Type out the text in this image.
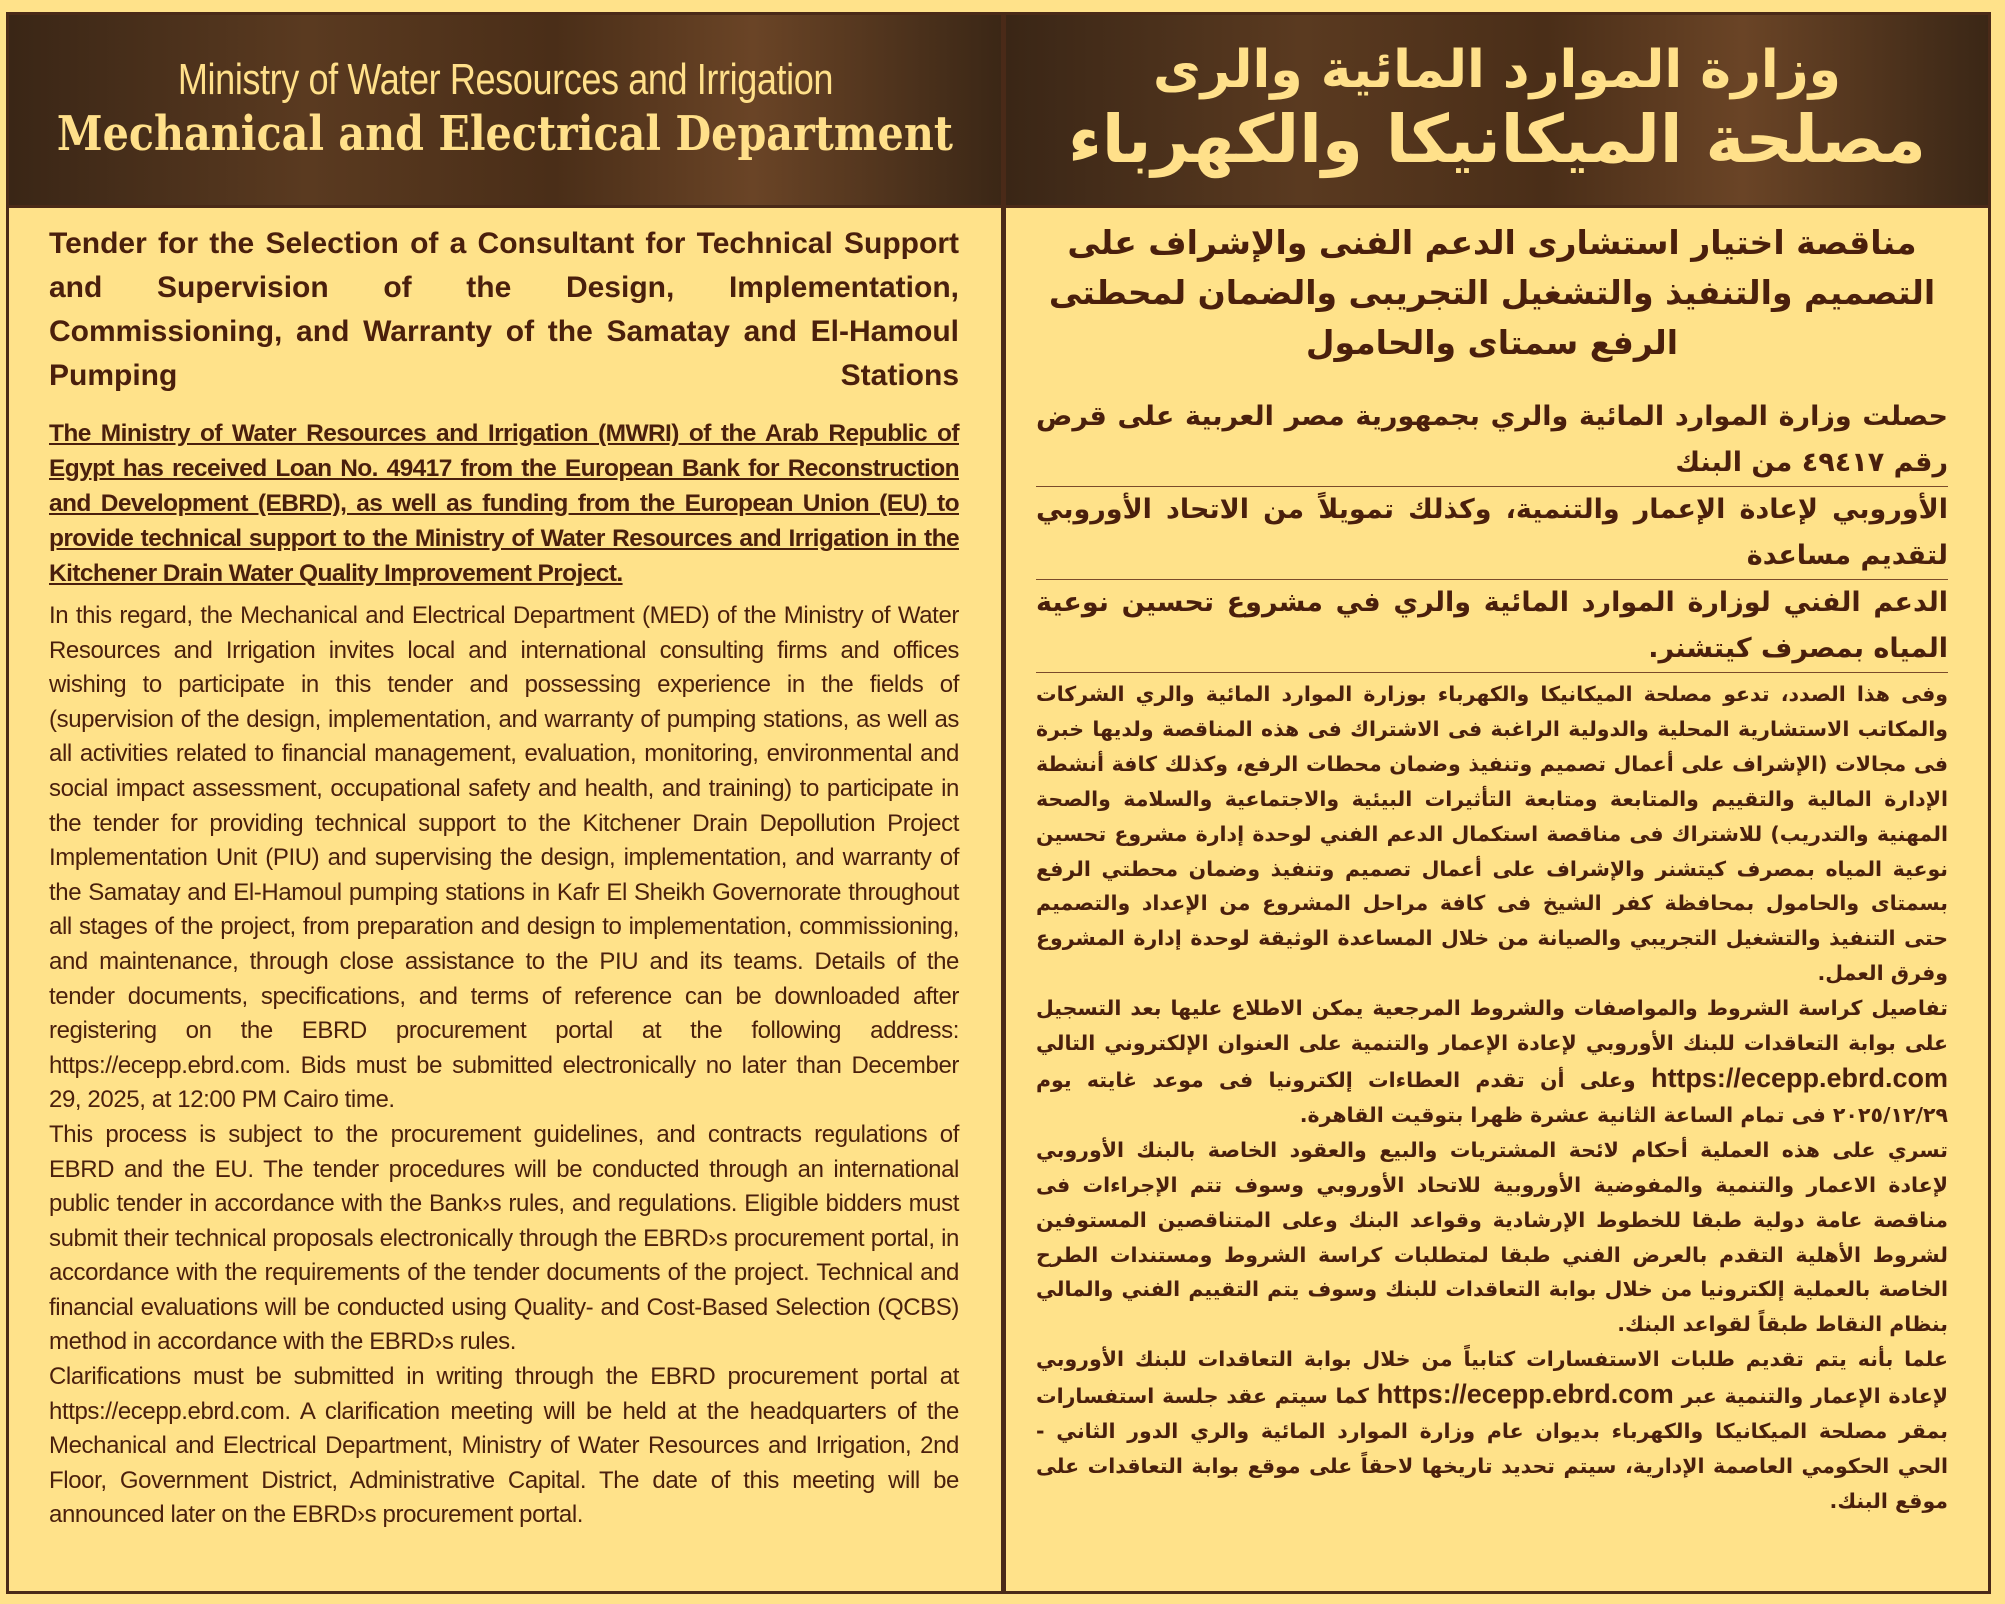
Ministry of Water Resources and Irrigation
Mechanical and Electrical Department
Tender for the Selection of a Consultant for Technical Support and Supervision of the Design, Implementation, Commissioning, and Warranty of the Samatay and El-Hamoul Pumping Stations
The Ministry of Water Resources and Irrigation (MWRI) of the Arab Republic of Egypt has received Loan No. 49417 from the European Bank for Reconstruction and Development (EBRD), as well as funding from the European Union (EU) to provide technical support to the Ministry of Water Resources and Irrigation in the Kitchener Drain Water Quality Improvement Project.

In this regard, the Mechanical and Electrical Department (MED) of the Ministry of Water Resources and Irrigation invites local and international consulting firms and offices wishing to participate in this tender and possessing experience in the fields of (supervision of the design, implementation, and warranty of pumping stations, as well as all activities related to financial management, evaluation, monitoring, environmental and social impact assessment, occupational safety and health, and training) to participate in the tender for providing technical support to the Kitchener Drain Depollution Project Implementation Unit (PIU) and supervising the design, implementation, and warranty of the Samatay and El-Hamoul pumping stations in Kafr El Sheikh Governorate throughout all stages of the project, from preparation and design to implementation, commissioning, and maintenance, through close assistance to the PIU and its teams. Details of the tender documents, specifications, and terms of reference can be downloaded after registering on the EBRD procurement portal at the following address: https://ecepp.ebrd.com. Bids must be submitted electronically no later than December 29, 2025, at 12:00 PM Cairo time.

This process is subject to the procurement guidelines, and contracts regulations of EBRD and the EU. The tender procedures will be conducted through an international public tender in accordance with the Bank›s rules, and regulations. Eligible bidders must submit their technical proposals electronically through the EBRD›s procurement portal, in accordance with the requirements of the tender documents of the project. Technical and financial evaluations will be conducted using Quality- and Cost-Based Selection (QCBS) method in accordance with the EBRD›s rules.

Clarifications must be submitted in writing through the EBRD procurement portal at https://ecepp.ebrd.com. A clarification meeting will be held at the headquarters of the Mechanical and Electrical Department, Ministry of Water Resources and Irrigation, 2nd Floor, Government District, Administrative Capital. The date of this meeting will be announced later on the EBRD›s procurement portal.

وزارة الموارد المائية والرى
مصلحة الميكانيكا والكهرباء
مناقصة اختيار استشارى الدعم الفنى والإشراف على التصميم والتنفيذ والتشغيل التجريبى والضمان لمحطتى الرفع سمتاى والحامول
حصلت وزارة الموارد المائية والري بجمهورية مصر العربية على قرض رقم ٤٩٤١٧ من البنك
الأوروبي لإعادة الإعمار والتنمية، وكذلك تمويلاً من الاتحاد الأوروبي لتقديم مساعدة
الدعم الفني لوزارة الموارد المائية والري في مشروع تحسين نوعية المياه بمصرف كيتشنر.

وفى هذا الصدد، تدعو مصلحة الميكانيكا والكهرباء بوزارة الموارد المائية والري الشركات والمكاتب الاستشارية المحلية والدولية الراغبة فى الاشتراك فى هذه المناقصة ولديها خبرة فى مجالات (الإشراف على أعمال تصميم وتنفيذ وضمان محطات الرفع، وكذلك كافة أنشطة الإدارة المالية والتقييم والمتابعة ومتابعة التأثيرات البيئية والاجتماعية والسلامة والصحة المهنية والتدريب) للاشتراك فى مناقصة استكمال الدعم الفني لوحدة إدارة مشروع تحسين نوعية المياه بمصرف كيتشنر والإشراف على أعمال تصميم وتنفيذ وضمان محطتي الرفع بسمتاى والحامول بمحافظة كفر الشيخ فى كافة مراحل المشروع من الإعداد والتصميم حتى التنفيذ والتشغيل التجريبي والصيانة من خلال المساعدة الوثيقة لوحدة إدارة المشروع وفرق العمل.

تفاصيل كراسة الشروط والمواصفات والشروط المرجعية يمكن الاطلاع عليها بعد التسجيل على بوابة التعاقدات للبنك الأوروبي لإعادة الإعمار والتنمية على العنوان الإلكتروني التالي https://ecepp.ebrd.com وعلى أن تقدم العطاءات إلكترونيا فى موعد غايته يوم ٢٠٢٥/١٢/٢٩ فى تمام الساعة الثانية عشرة ظهرا بتوقيت القاهرة.

تسري على هذه العملية أحكام لائحة المشتريات والبيع والعقود الخاصة بالبنك الأوروبي لإعادة الاعمار والتنمية والمفوضية الأوروبية للاتحاد الأوروبي وسوف تتم الإجراءات فى مناقصة عامة دولية طبقا للخطوط الإرشادية وقواعد البنك وعلى المتناقصين المستوفين لشروط الأهلية التقدم بالعرض الفني طبقا لمتطلبات كراسة الشروط ومستندات الطرح الخاصة بالعملية إلكترونيا من خلال بوابة التعاقدات للبنك وسوف يتم التقييم الفني والمالي بنظام النقاط طبقاً لقواعد البنك.

علما بأنه يتم تقديم طلبات الاستفسارات كتابياً من خلال بوابة التعاقدات للبنك الأوروبي لإعادة الإعمار والتنمية عبر https://ecepp.ebrd.com كما سيتم عقد جلسة استفسارات بمقر مصلحة الميكانيكا والكهرباء بديوان عام وزارة الموارد المائية والري الدور الثاني - الحي الحكومي العاصمة الإدارية، سيتم تحديد تاريخها لاحقاً على موقع بوابة التعاقدات على موقع البنك.
